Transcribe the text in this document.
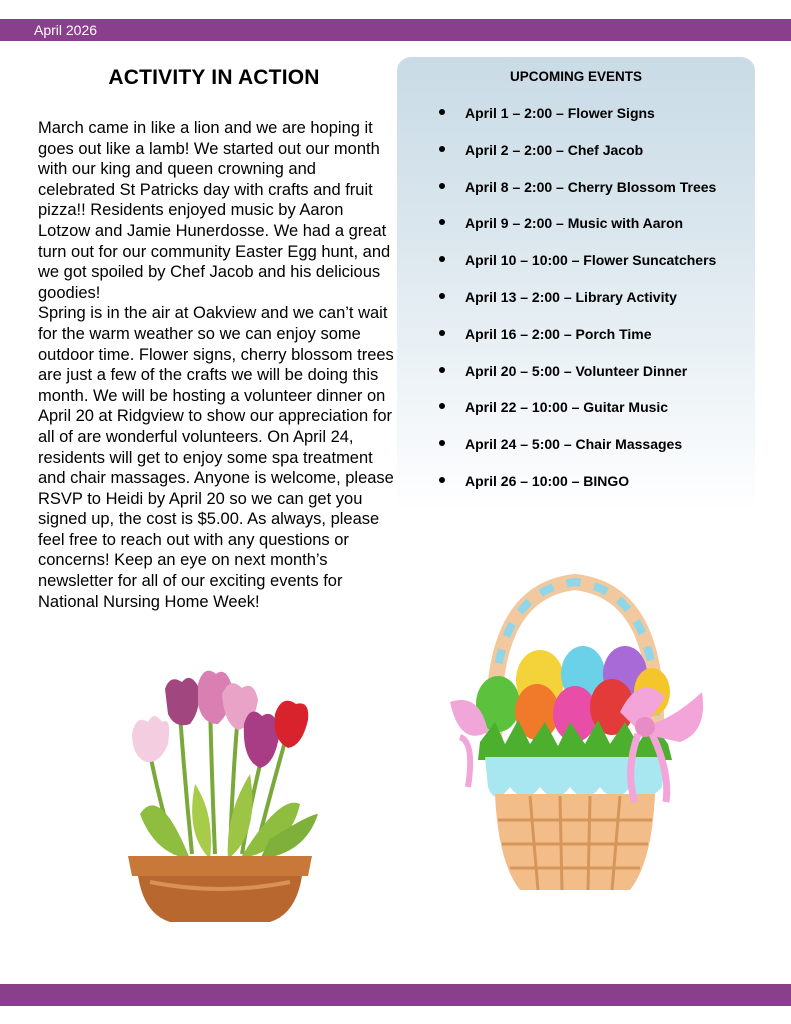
April 2026
ACTIVITY IN ACTION

March came in like a lion and we are hoping it goes out like a lamb! We started out our month with our king and queen crowning and celebrated St Patricks day with crafts and fruit pizza!! Residents enjoyed music by Aaron Lotzow and Jamie Hunerdosse. We had a great turn out for our community Easter Egg hunt, and we got spoiled by Chef Jacob and his delicious goodies!

Spring is in the air at Oakview and we can’t wait for the warm weather so we can enjoy some outdoor time. Flower signs, cherry blossom trees are just a few of the crafts we will be doing this month. We will be hosting a volunteer dinner on April 20 at Ridgview to show our appreciation for all of are wonderful volunteers. On April 24, residents will get to enjoy some spa treatment and chair massages. Anyone is welcome, please RSVP to Heidi by April 20 so we can get you signed up, the cost is $5.00. As always, please feel free to reach out with any questions or concerns! Keep an eye on next month’s newsletter for all of our exciting events for National Nursing Home Week!

UPCOMING EVENTS
April 1 – 2:00 – Flower Signs
April 2 – 2:00 – Chef Jacob
April 8 – 2:00 – Cherry Blossom Trees
April 9 – 2:00 – Music with Aaron
April 10 – 10:00 – Flower Suncatchers
April 13 – 2:00 – Library Activity
April 16 – 2:00 – Porch Time
April 20 – 5:00 – Volunteer Dinner
April 22 – 10:00 – Guitar Music
April 24 – 5:00 – Chair Massages
April 26 – 10:00 – BINGO
